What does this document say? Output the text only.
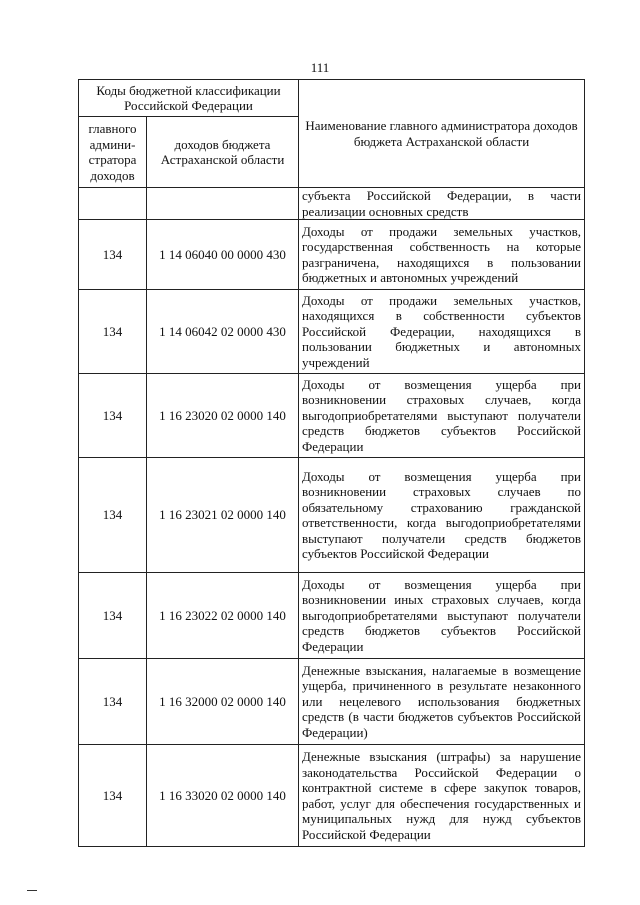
111
Коды бюджетной классификации Российской Федерации		Наименование главного администратора доходов бюджета Астраханской области
главного админи-стратора доходов	доходов бюджета Астраханской области	
		субъекта Российской Федерации, в части реализации основных средств
134	1 14 06040 00 0000 430	Доходы от продажи земельных участков, государственная собственность на которые разграничена, находящихся в пользовании бюджетных и автономных учреждений
134	1 14 06042 02 0000 430	Доходы от продажи земельных участков, находящихся в собственности субъектов Российской Федерации, находящихся в пользовании бюджетных и автономных учреждений
134	1 16 23020 02 0000 140	Доходы от возмещения ущерба при возникновении страховых случаев, когда выгодоприобретателями выступают получатели средств бюджетов субъектов Российской Федерации
134	1 16 23021 02 0000 140	Доходы от возмещения ущерба при возникновении страховых случаев по обязательному страхованию гражданской ответственности, когда выгодоприобретателями выступают получатели средств бюджетов субъектов Российской Федерации
134	1 16 23022 02 0000 140	Доходы от возмещения ущерба при возникновении иных страховых случаев, когда выгодоприобретателями выступают получатели средств бюджетов субъектов Российской Федерации
134	1 16 32000 02 0000 140	Денежные взыскания, налагаемые в возмещение ущерба, причиненного в результате незаконного или нецелевого использования бюджетных средств (в части бюджетов субъектов Российской Федерации)
134	1 16 33020 02 0000 140	Денежные взыскания (штрафы) за нарушение законодательства Российской Федерации о контрактной системе в сфере закупок товаров, работ, услуг для обеспечения государственных и муниципальных нужд для нужд субъектов Российской Федерации
